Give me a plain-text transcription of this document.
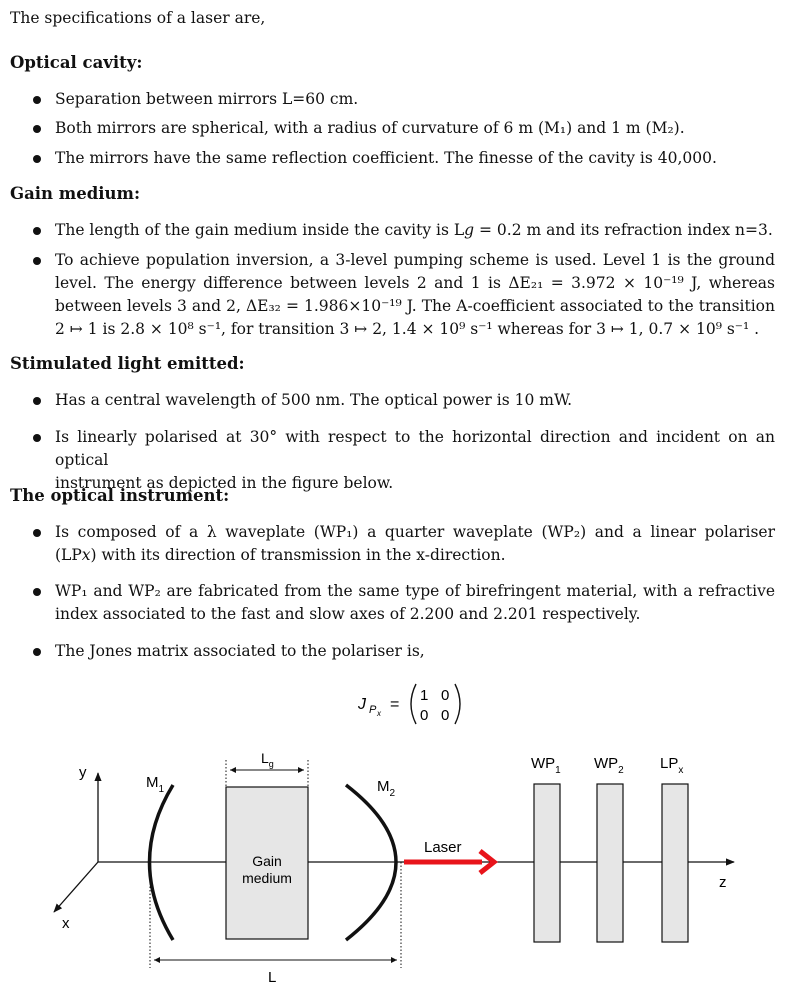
The specifications of a laser are,
Optical cavity:
Separation between mirrors L=60 cm.
Both mirrors are spherical, with a radius of curvature of 6 m (M₁) and 1 m (M₂).
The mirrors have the same reflection coefficient. The finesse of the cavity is 40,000.
Gain medium:
The length of the gain medium inside the cavity is L𝑔 = 0.2 m and its refraction index n=3.
To achieve population inversion, a 3-level pumping scheme is used. Level 1 is the ground
level. The energy difference between levels 2 and 1 is ΔE₂₁ = 3.972 × 10⁻¹⁹ J, whereas
between levels 3 and 2, ΔE₃₂ = 1.986×10⁻¹⁹ J. The A-coefficient associated to the transition
2 ↦ 1 is 2.8 × 10⁸ s⁻¹, for transition 3 ↦ 2, 1.4 × 10⁹ s⁻¹ whereas for 3 ↦ 1, 0.7 × 10⁹ s⁻¹ .
Stimulated light emitted:
Has a central wavelength of 500 nm. The optical power is 10 mW.
Is linearly polarised at 30° with respect to the horizontal direction and incident on an optical
instrument as depicted in the figure below.
The optical instrument:
Is composed of a λ waveplate (WP₁) a quarter waveplate (WP₂) and a linear polariser
(LP𝑥) with its direction of transmission in the x-direction.
WP₁ and WP₂ are fabricated from the same type of birefringent material, with a refractive
index associated to the fast and slow axes of 2.200 and 2.201 respectively.
The Jones matrix associated to the polariser is,
J P x
=
1 0
0 0
y
x
z
$M_1$	$M_2$
Gain
medium
$L_g$
L
Laser
$WP_1$ $WP_2$ $LP_x$
